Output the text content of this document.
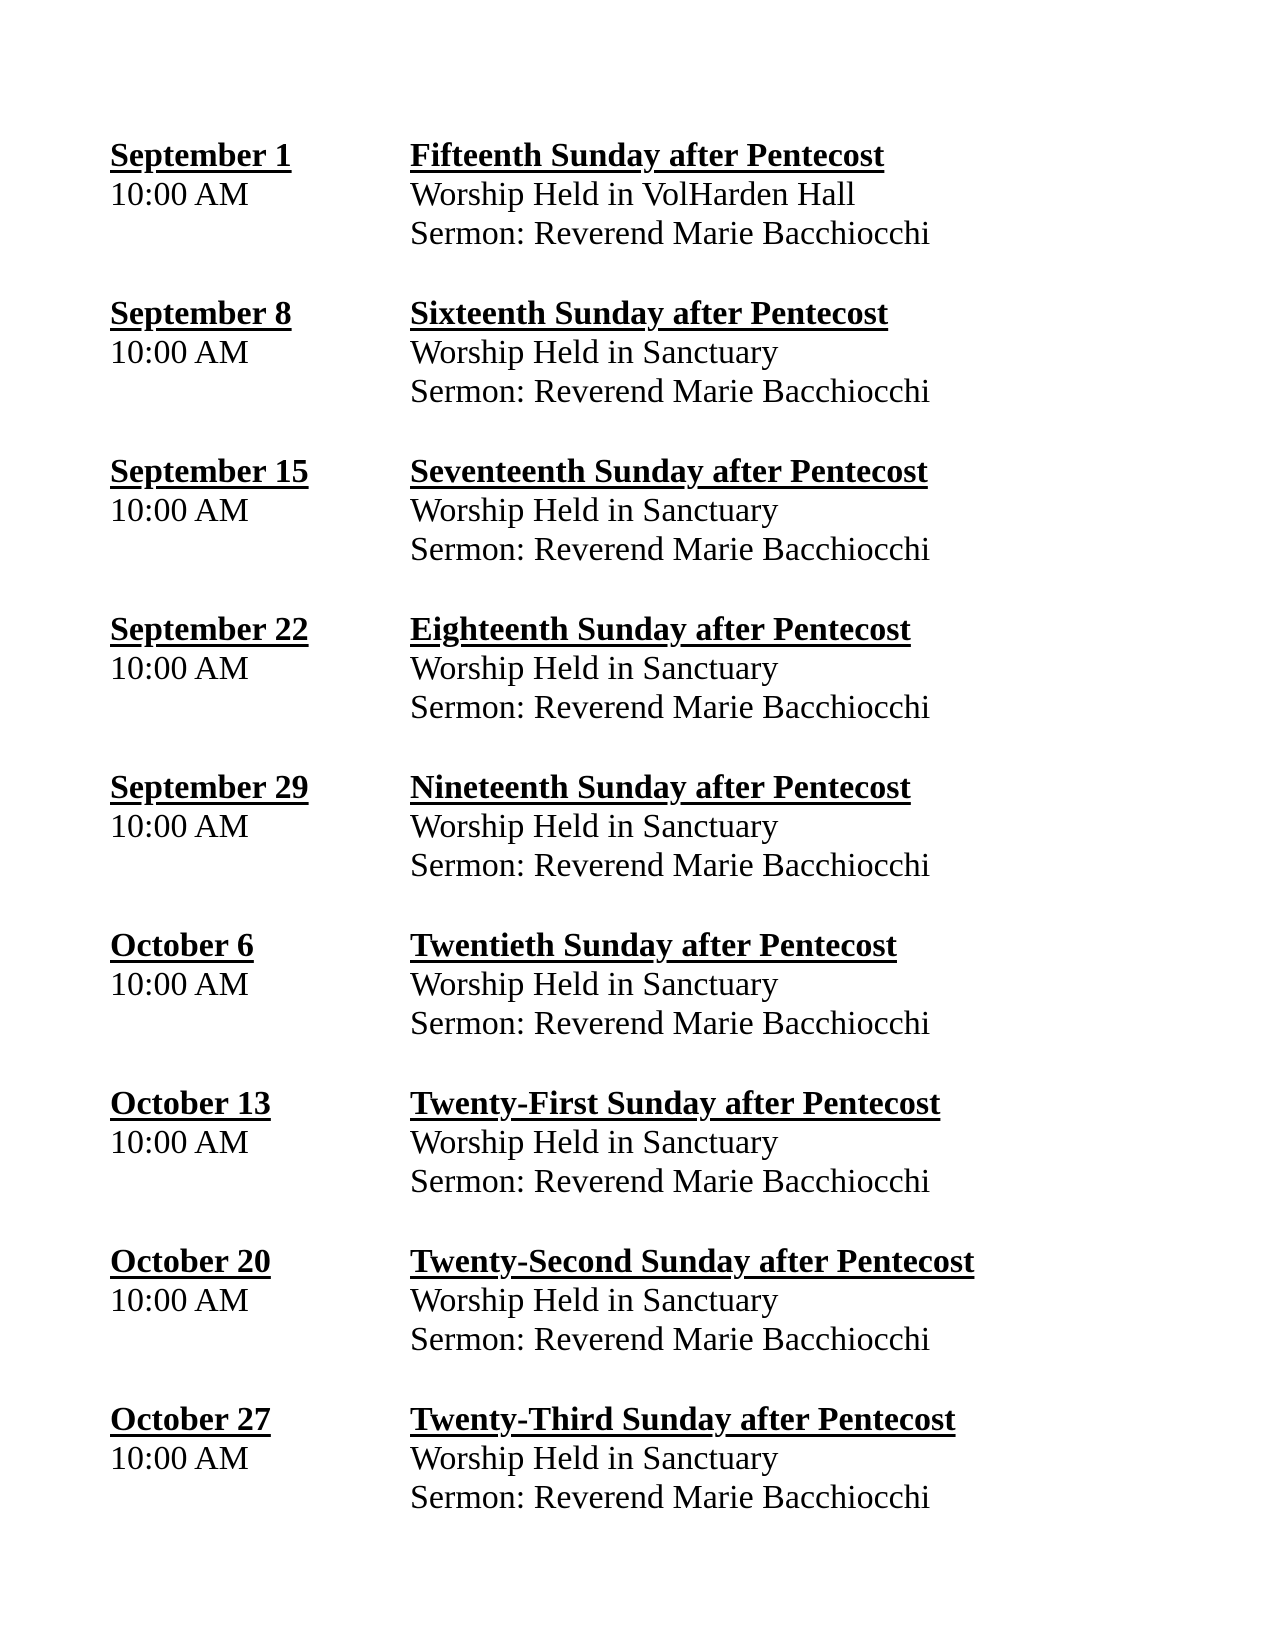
September 1

10:00 AM

Fifteenth Sunday after Pentecost

Worship Held in VolHarden Hall

Sermon: Reverend Marie Bacchiocchi

September 8

10:00 AM

Sixteenth Sunday after Pentecost

Worship Held in Sanctuary

Sermon: Reverend Marie Bacchiocchi

September 15

10:00 AM

Seventeenth Sunday after Pentecost

Worship Held in Sanctuary

Sermon: Reverend Marie Bacchiocchi

September 22

10:00 AM

Eighteenth Sunday after Pentecost

Worship Held in Sanctuary

Sermon: Reverend Marie Bacchiocchi

September 29

10:00 AM

Nineteenth Sunday after Pentecost

Worship Held in Sanctuary

Sermon: Reverend Marie Bacchiocchi

October 6

10:00 AM

Twentieth Sunday after Pentecost

Worship Held in Sanctuary

Sermon: Reverend Marie Bacchiocchi

October 13

10:00 AM

Twenty-First Sunday after Pentecost

Worship Held in Sanctuary

Sermon: Reverend Marie Bacchiocchi

October 20

10:00 AM

Twenty-Second Sunday after Pentecost

Worship Held in Sanctuary

Sermon: Reverend Marie Bacchiocchi

October 27

10:00 AM

Twenty-Third Sunday after Pentecost

Worship Held in Sanctuary

Sermon: Reverend Marie Bacchiocchi
